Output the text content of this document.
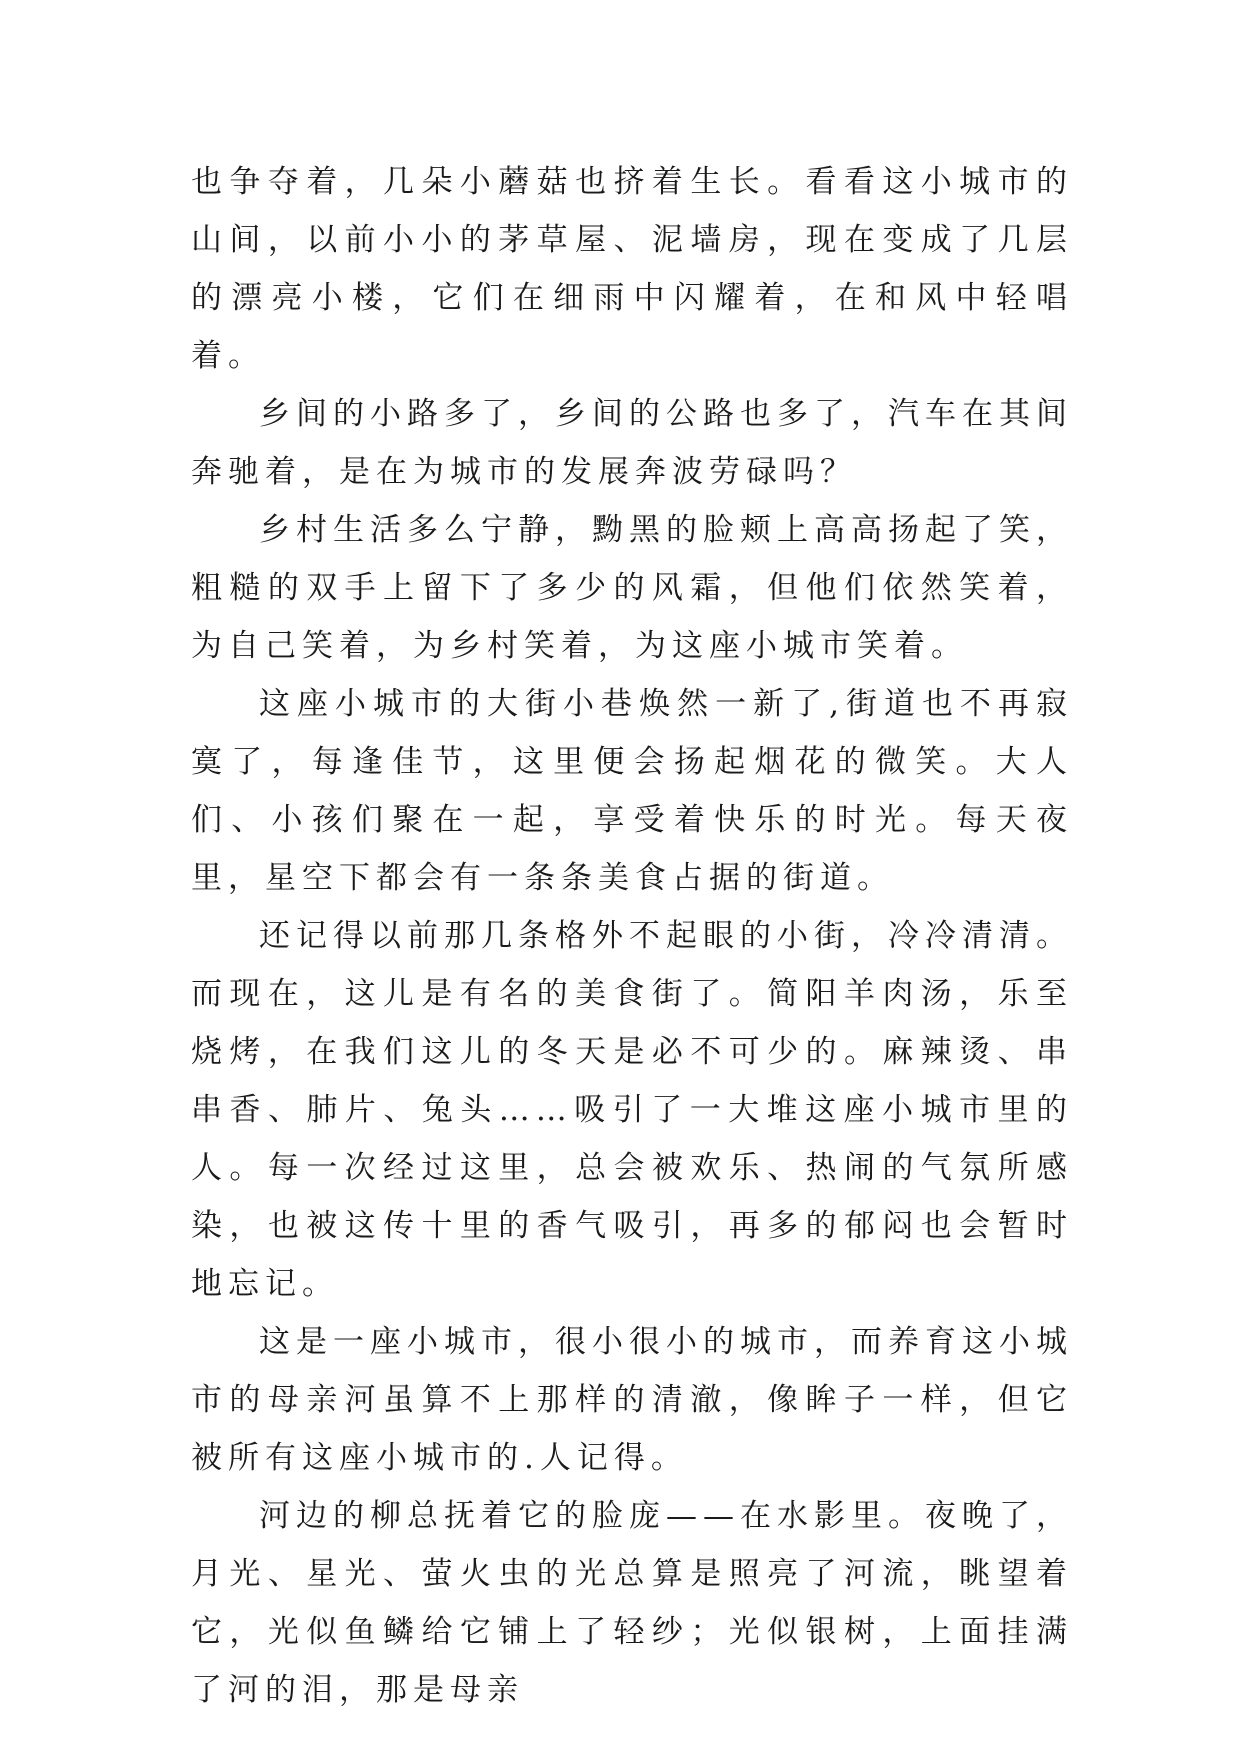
也争夺着，几朵小蘑菇也挤着生长。看看这小城市的山间，以前小小的茅草屋、泥墙房，现在变成了几层的漂亮小楼，它们在细雨中闪耀着，在和风中轻唱着。

乡间的小路多了，乡间的公路也多了，汽车在其间奔驰着，是在为城市的发展奔波劳碌吗？

乡村生活多么宁静，黝黑的脸颊上高高扬起了笑，粗糙的双手上留下了多少的风霜，但他们依然笑着，为自己笑着，为乡村笑着，为这座小城市笑着。

这座小城市的大街小巷焕然一新了,街道也不再寂寞了，每逢佳节，这里便会扬起烟花的微笑。大人们、小孩们聚在一起，享受着快乐的时光。每天夜里，星空下都会有一条条美食占据的街道。

还记得以前那几条格外不起眼的小街，冷冷清清。而现在，这儿是有名的美食街了。简阳羊肉汤，乐至烧烤，在我们这儿的冬天是必不可少的。麻辣烫、串串香、肺片、兔头……吸引了一大堆这座小城市里的人。每一次经过这里，总会被欢乐、热闹的气氛所感染，也被这传十里的香气吸引，再多的郁闷也会暂时地忘记。

这是一座小城市，很小很小的城市，而养育这小城市的母亲河虽算不上那样的清澈，像眸子一样，但它被所有这座小城市的.人记得。

河边的柳总抚着它的脸庞——在水影里。夜晚了，月光、星光、萤火虫的光总算是照亮了河流，眺望着它，光似鱼鳞给它铺上了轻纱；光似银树，上面挂满了河的泪，那是母亲
